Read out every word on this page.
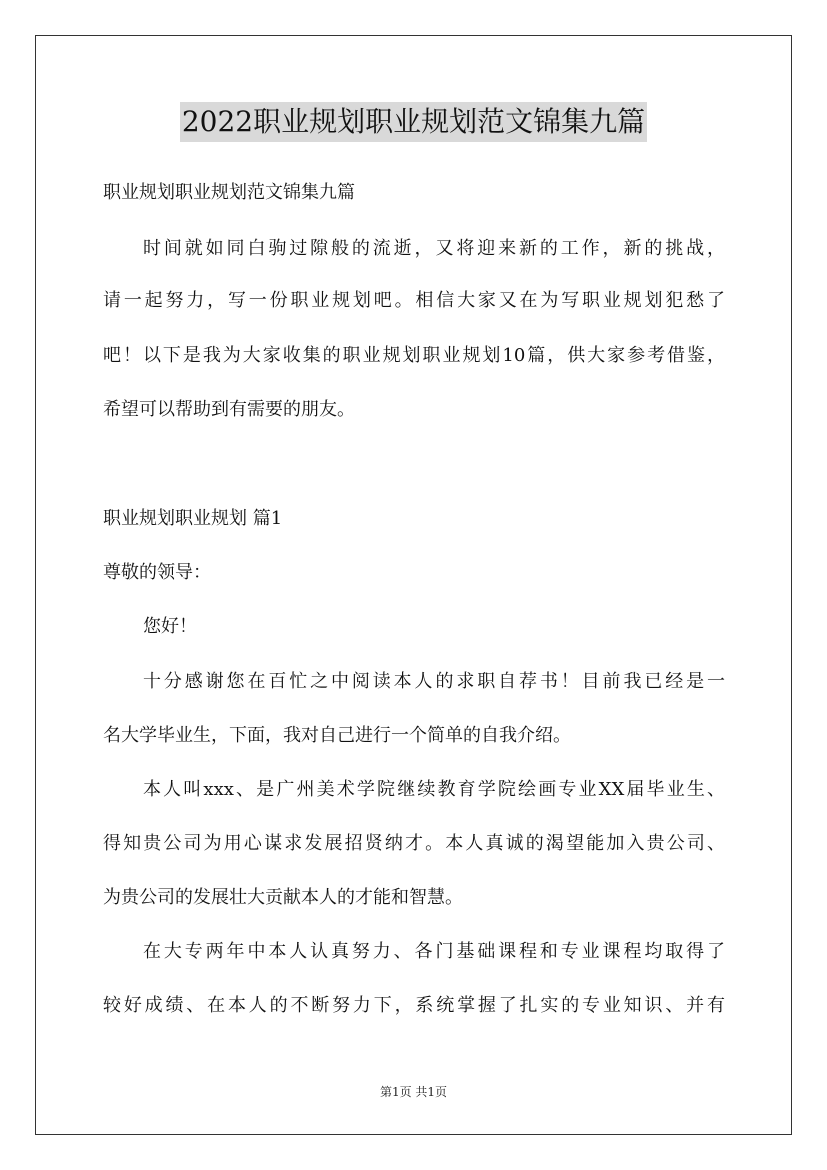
2022职业规划职业规划范文锦集九篇
职业规划职业规划范文锦集九篇
时间就如同白驹过隙般的流逝，又将迎来新的工作，新的挑战，
请一起努力，写一份职业规划吧。相信大家又在为写职业规划犯愁了
吧！以下是我为大家收集的职业规划职业规划10篇，供大家参考借鉴，
希望可以帮助到有需要的朋友。
职业规划职业规划 篇1
尊敬的领导：
您好！
十分感谢您在百忙之中阅读本人的求职自荐书！目前我已经是一
名大学毕业生，下面，我对自己进行一个简单的自我介绍。
本人叫xxx、是广州美术学院继续教育学院绘画专业XX届毕业生、
得知贵公司为用心谋求发展招贤纳才。本人真诚的渴望能加入贵公司、
为贵公司的发展壮大贡献本人的才能和智慧。
在大专两年中本人认真努力、各门基础课程和专业课程均取得了
较好成绩、在本人的不断努力下，系统掌握了扎实的专业知识、并有
第1页 共1页
